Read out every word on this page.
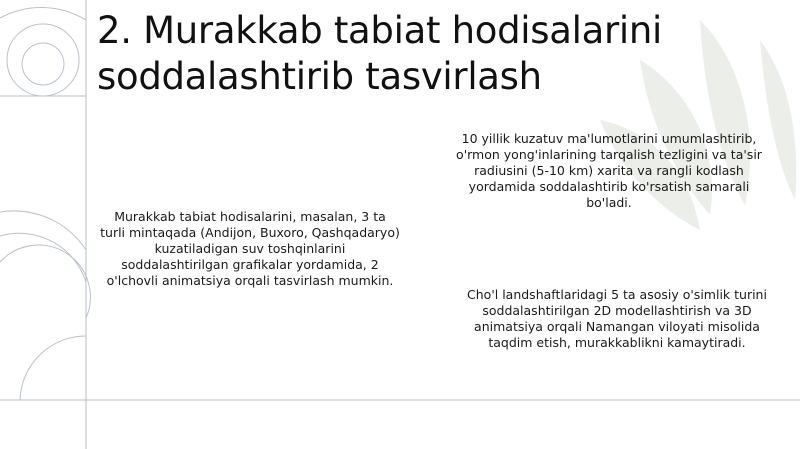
2. Murakkab tabiat hodisalarini soddalashtirib tasvirlash

Murakkab tabiat hodisalarini, masalan, 3 ta turli mintaqada (Andijon, Buxoro, Qashqadaryo) kuzatiladigan suv toshqinlarini soddalashtirilgan grafikalar yordamida, 2 o'lchovli animatsiya orqali tasvirlash mumkin.

10 yillik kuzatuv ma'lumotlarini umumlashtirib, o'rmon yong'inlarining tarqalish tezligini va ta'sir radiusini (5-10 km) xarita va rangli kodlash yordamida soddalashtirib ko'rsatish samarali bo'ladi.

Cho'l landshaftlaridagi 5 ta asosiy o'simlik turini soddalashtirilgan 2D modellashtirish va 3D animatsiya orqali Namangan viloyati misolida taqdim etish, murakkablikni kamaytiradi.
